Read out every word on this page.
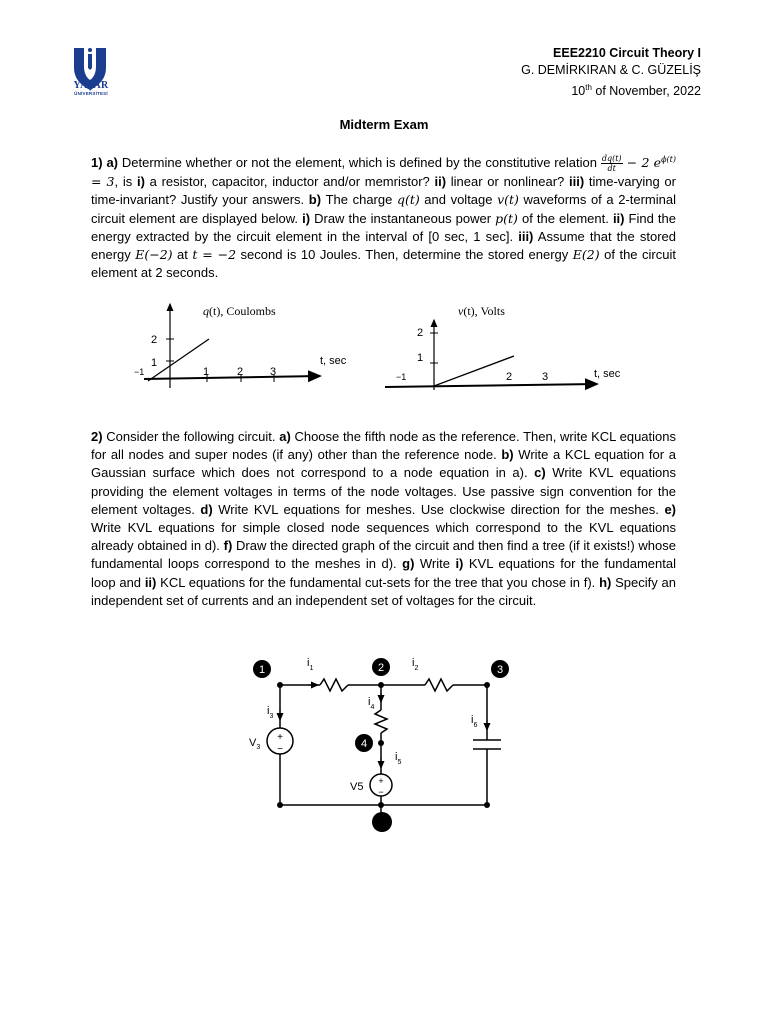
YAŞAR
ÜNİVERSİTESİ
EEE2210 Circuit Theory I
G. DEMİRKIRAN & C. GÜZELİŞ
10th of November, 2022
Midterm Exam
1) a) Determine whether or not the element, which is defined by the constitutive relation $\frac{dq(t)}{dt} - 2$ $e^{\phi(t)} = 3$, is i) a resistor, capacitor, inductor and/or memristor? ii) linear or nonlinear? iii) time-varying or time-invariant? Justify your answers. b) The charge q(t) and voltage v(t) waveforms of a 2-terminal circuit element are displayed below. i) Draw the instantaneous power p(t) of the element. ii) Find the energy extracted by the circuit element in the interval of [0 sec, 1 sec]. iii) Assume that the stored energy E(−2) at t = −2 second is 10 Joules. Then, determine the stored energy E(2) of the circuit element at 2 seconds.
q(t), Coulombs
t, sec
1
2
−1	1	2 3
v(t), Volts
t, sec
2
1
−1	2	3
2) Consider the following circuit. a) Choose the fifth node as the reference. Then, write KCL equations for all nodes and super nodes (if any) other than the reference node. b) Write a KCL equation for a Gaussian surface which does not correspond to a node equation in a). c) Write KVL equations providing the element voltages in terms of the node voltages. Use passive sign convention for the element voltages. d) Write KVL equations for meshes. Use clockwise direction for the meshes. e) Write KVL equations for simple closed node sequences which correspond to the KVL equations already obtained in d). f) Draw the directed graph of the circuit and then find a tree (if it exists!) whose fundamental loops correspond to the meshes in d). g) Write i) KVL equations for the fundamental loop and ii) KCL equations for the fundamental cut-sets for the tree that you chose in f). h) Specify an independent set of currents and an independent set of voltages for the circuit.
1	2	3
4
$i_1$	$i_2$
$i_3$
$i_4$
$i_5$
$i_6$
$V_3$
V5
+
−
+
−
